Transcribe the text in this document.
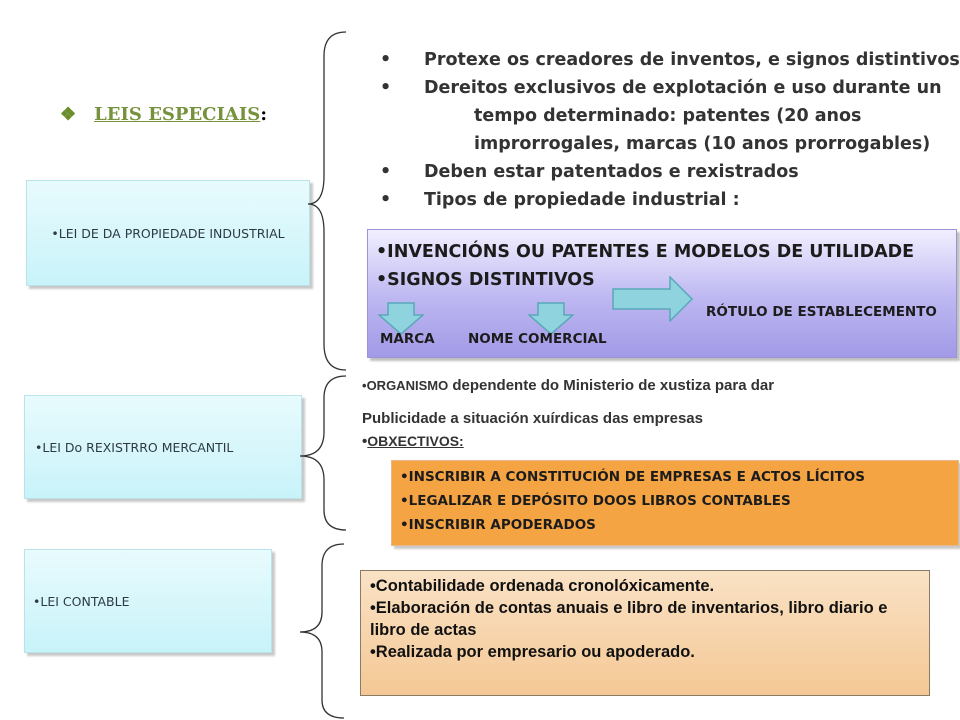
❖ LEIS ESPECIAIS:
•LEI DE DA PROPIEDADE INDUSTRIAL
•LEI Do REXISTRRO MERCANTIL
•LEI CONTABLE
• Protexe os creadores de inventos, e signos distintivos
• Dereitos exclusivos de explotación e uso durante un
tempo determinado: patentes (20 anos
improrrogales, marcas (10 anos prorrogables)
• Deben estar patentados e rexistrados
• Tipos de propiedade industrial :
•INVENCIÓNS OU PATENTES E MODELOS DE UTILIDADE
•SIGNOS DISTINTIVOS
RÓTULO DE ESTABLECEMENTO
MARCA NOME COMERCIAL
•ORGANISMO dependente do Ministerio de xustiza para dar
Publicidade a situación xuírdicas das empresas
•OBXECTIVOS:
•INSCRIBIR A CONSTITUCIÓN DE EMPRESAS E ACTOS LÍCITOS
•LEGALIZAR E DEPÓSITO DOOS LIBROS CONTABLES
•INSCRIBIR APODERADOS
•Contabilidade ordenada cronolóxicamente.
•Elaboración de contas anuais e libro de inventarios, libro diario e libro de actas
•Realizada por empresario ou apoderado.
